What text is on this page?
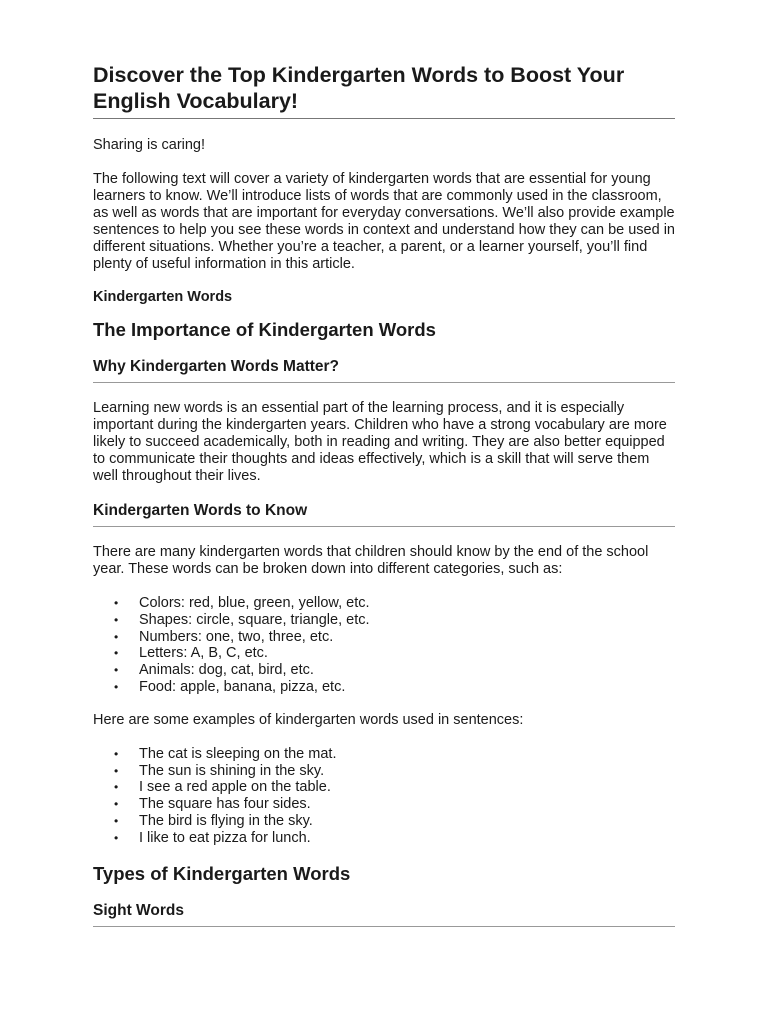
Discover the Top Kindergarten Words to Boost Your English Vocabulary!

Sharing is caring!

The following text will cover a variety of kindergarten words that are essential for young learners to know. We’ll introduce lists of words that are commonly used in the classroom, as well as words that are important for everyday conversations. We’ll also provide example sentences to help you see these words in context and understand how they can be used in different situations. Whether you’re a teacher, a parent, or a learner yourself, you’ll find plenty of useful information in this article.

Kindergarten Words
The Importance of Kindergarten Words
Why Kindergarten Words Matter?

Learning new words is an essential part of the learning process, and it is especially important during the kindergarten years. Children who have a strong vocabulary are more likely to succeed academically, both in reading and writing. They are also better equipped to communicate their thoughts and ideas effectively, which is a skill that will serve them well throughout their lives.

Kindergarten Words to Know

There are many kindergarten words that children should know by the end of the school year. These words can be broken down into different categories, such as:

• Colors: red, blue, green, yellow, etc.
• Shapes: circle, square, triangle, etc.
• Numbers: one, two, three, etc.
• Letters: A, B, C, etc.
• Animals: dog, cat, bird, etc.
• Food: apple, banana, pizza, etc.

Here are some examples of kindergarten words used in sentences:

• The cat is sleeping on the mat.
• The sun is shining in the sky.
• I see a red apple on the table.
• The square has four sides.
• The bird is flying in the sky.
• I like to eat pizza for lunch.
Types of Kindergarten Words
Sight Words
